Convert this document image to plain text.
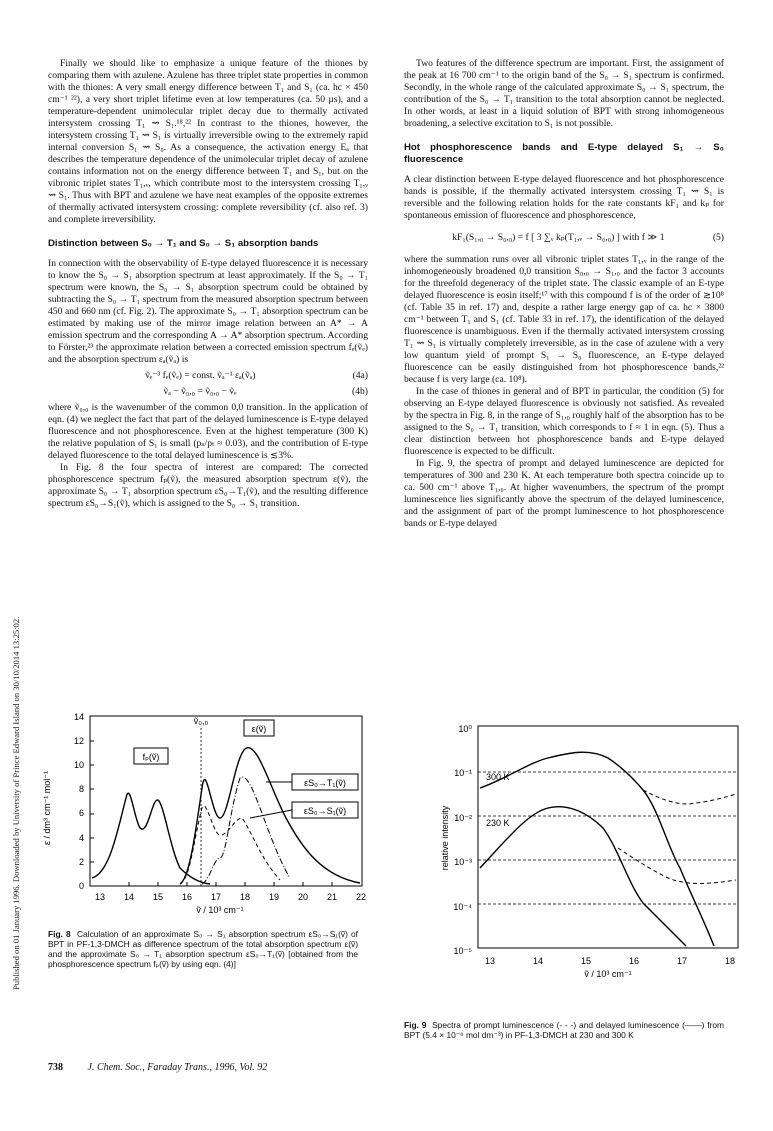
Published on 01 January 1996. Downloaded by University of Prince Edward Island on 30/10/2014 13:25:02.

Finally we should like to emphasize a unique feature of the thiones by comparing them with azulene. Azulene has three triplet state properties in common with the thiones: A very small energy difference between T₁ and S₁ (ca. hc × 450 cm⁻¹ ²²), a very short triplet lifetime even at low temperatures (ca. 50 µs), and a temperature-dependent unimolecular triplet decay due to thermally activated intersystem crossing T₁ ⇝ S₁.¹⁸,²² In contrast to the thiones, however, the intersystem crossing T₁ ⇝ S₁ is virtually irreversible owing to the extremely rapid internal conversion S₁ ⇝ S₀. As a consequence, the activation energy Eₐ that describes the temperature dependence of the unimolecular triplet decay of azulene contains information not on the energy difference between T₁ and S₁, but on the vibronic triplet states T₁,ᵥ, which contribute most to the intersystem crossing T₁,ᵥ ⇝ S₁. Thus with BPT and azulene we have neat examples of the opposite extremes of thermally activated intersystem crossing: complete reversibility (cf. also ref. 3) and complete irreversibility.

Distinction between S₀ → T₁ and S₀ → S₁ absorption bands

In connection with the observability of E-type delayed fluorescence it is necessary to know the S₀ → S₁ absorption spectrum at least approximately. If the S₀ → T₁ spectrum were known, the S₀ → S₁ absorption spectrum could be obtained by subtracting the S₀ → T₁ spectrum from the measured absorption spectrum between 450 and 660 nm (cf. Fig. 2). The approximate S₀ → T₁ absorption spectrum can be estimated by making use of the mirror image relation between an A* → A emission spectrum and the corresponding A → A* absorption spectrum. According to Förster,²³ the approximate relation between a corrected emission spectrum fₑ(ṽₑ) and the absorption spectrum εₐ(ṽₐ) is

ṽₑ⁻³ fₑ(ṽₑ) = const. ṽₐ⁻¹ εₐ(ṽₐ)	(4a)
ṽₐ − ṽ₀,₀ = ṽ₀,₀ − ṽₑ	(4b)

where ṽ₀,₀ is the wavenumber of the common 0,0 transition. In the application of eqn. (4) we neglect the fact that part of the delayed luminescence is E-type delayed fluorescence and not phosphorescence. Even at the highest temperature (300 K) the relative population of S₁ is small (pₛ/pₜ ≈ 0.03), and the contribution of E-type delayed fluorescence to the total delayed luminescence is ≲3%.

In Fig. 8 the four spectra of interest are compared: The corrected phosphorescence spectrum fₚ(ṽ), the measured absorption spectrum ε(ṽ), the approximate S₀ → T₁ absorption spectrum εS₀→T₁(ṽ), and the resulting difference spectrum εS₀→S₁(ṽ), which is assigned to the S₀ → S₁ transition.

Two features of the difference spectrum are important. First, the assignment of the peak at 16 700 cm⁻¹ to the origin band of the S₀ → S₁ spectrum is confirmed. Secondly, in the whole range of the calculated approximate S₀ → S₁ spectrum, the contribution of the S₀ → T₁ transition to the total absorption cannot be neglected. In other words, at least in a liquid solution of BPT with strong inhomogeneous broadening, a selective excitation to S₁ is not possible.

Hot phosphorescence bands and E-type delayed S₁ → S₀ fluorescence

A clear distinction between E-type delayed fluorescence and hot phosphorescence bands is possible, if the thermally activated intersystem crossing T₁ ⇝ S₁ is reversible and the following relation holds for the rate constants kF₁ and kₚ for spontaneous emission of fluorescence and phosphorescence,

kF₁(S₁,₀ → S₀,₀) = f [ 3 ∑ᵥ kₚ(T₁,ᵥ → S₀,₀) ] with f ≫ 1	(5)

where the summation runs over all vibronic triplet states T₁,ᵥ in the range of the inhomogeneously broadened 0,0 transition S₀,₀ → S₁,₀ and the factor 3 accounts for the threefold degeneracy of the triplet state. The classic example of an E-type delayed fluorescence is eosin itself;¹⁷ with this compound f is of the order of ≳10⁸ (cf. Table 35 in ref. 17) and, despite a rather large energy gap of ca. hc × 3800 cm⁻¹ between T₁ and S₁ (cf. Table 33 in ref. 17), the identification of the delayed fluorescence is unambiguous. Even if the thermally activated intersystem crossing T₁ ⇝ S₁ is virtually completely irreversible, as in the case of azulene with a very low quantum yield of prompt S₁ → S₀ fluorescence, an E-type delayed fluorescence can be easily distinguished from hot phosphorescence bands,²² because f is very large (ca. 10⁸).

In the case of thiones in general and of BPT in particular, the condition (5) for observing an E-type delayed fluorescence is obviously not satisfied. As revealed by the spectra in Fig. 8, in the range of S₁,₀ roughly half of the absorption has to be assigned to the S₀ → T₁ transition, which corresponds to f ≈ 1 in eqn. (5). Thus a clear distinction between hot phosphorescence bands and E-type delayed fluorescence is expected to be difficult.

In Fig. 9, the spectra of prompt and delayed luminescence are depicted for temperatures of 300 and 230 K. At each temperature both spectra coincide up to ca. 500 cm⁻¹ above T₁,₀. At higher wavenumbers, the spectrum of the prompt luminescence lies significantly above the spectrum of the delayed luminescence, and the assignment of part of the prompt luminescence to hot phosphorescence bands or E-type delayed

0
2
4
6
8
10
12
14
13 14 15 16 17 18 19 20 21 22
ṽ / 10³ cm⁻¹
ε / dm³ cm⁻¹ mol⁻¹
fₚ(ṽ)
ṽ₀,₀
ε(ṽ)
εS₀→T₁(ṽ)
εS₀→S₁(ṽ)
10⁰
10⁻¹
10⁻²
10⁻³
10⁻⁴
10⁻⁵
13	14	15	16	17	18
ṽ / 10³ cm⁻¹
relative intensity
300 K
230 K
Fig. 8 Calculation of an approximate S₀ → S₁ absorption spectrum εS₀→S₁(ṽ) of BPT in PF-1,3-DMCH as difference spectrum of the total absorption spectrum ε(ṽ) and the approximate S₀ → T₁ absorption spectrum εS₀→T₁(ṽ) [obtained from the phosphorescence spectrum fₚ(ṽ) by using eqn. (4)]
Fig. 9 Spectra of prompt luminescence (- - -) and delayed luminescence (——) from BPT (5.4 × 10⁻⁶ mol dm⁻³) in PF-1,3-DMCH at 230 and 300 K
738 J. Chem. Soc., Faraday Trans., 1996, Vol. 92
